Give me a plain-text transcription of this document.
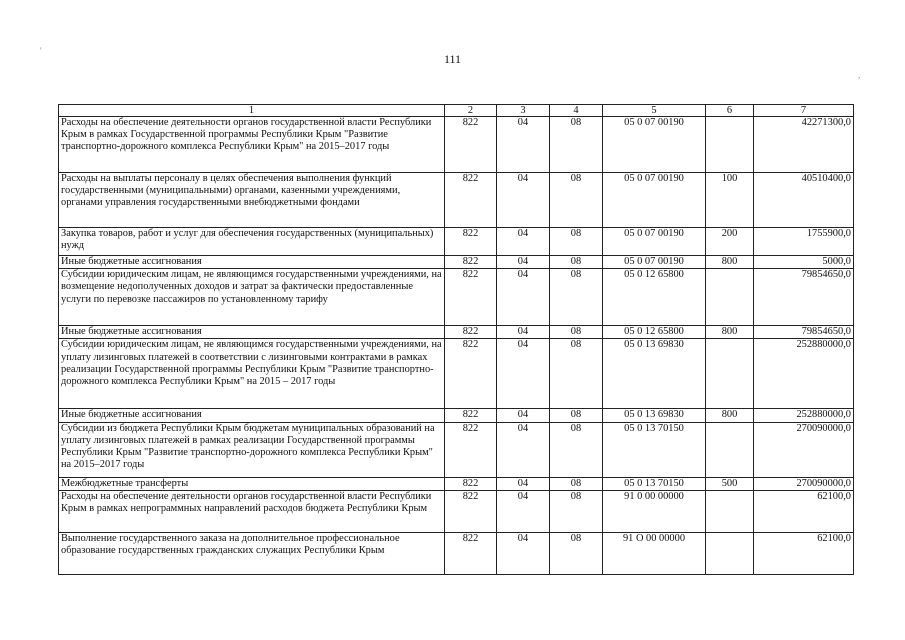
111
'
,
1	2	3	4	5	6	7
Расходы на обеспечение деятельности органов государственной власти Республики Крым в рамках Государственной программы Республики Крым "Развитие транспортно-дорожного комплекса Республики Крым" на 2015–2017 годы	822	04	08	05 0 07 00190		42271300,0
Расходы на выплаты персоналу в целях обеспечения выполнения функций государственными (муниципальными) органами, казенными учреждениями, органами управления государственными внебюджетными фондами	822	04	08	05 0 07 00190	100	40510400,0
Закупка товаров, работ и услуг для обеспечения государственных (муниципальных) нужд	822	04	08	05 0 07 00190	200	1755900,0
Иные бюджетные ассигнования	822	04	08	05 0 07 00190	800	5000,0
Субсидии юридическим лицам, не являющимся государственными учреждениями, на возмещение недополученных доходов и затрат за фактически предоставленные услуги по перевозке пассажиров по установленному тарифу	822	04	08	05 0 12 65800		79854650,0
Иные бюджетные ассигнования	822	04	08	05 0 12 65800	800	79854650,0
Субсидии юридическим лицам, не являющимся государственными учреждениями, на уплату лизинговых платежей в соответствии с лизинговыми контрактами в рамках реализации Государственной программы Республики Крым "Развитие транспортно-дорожного комплекса Республики Крым" на 2015 – 2017 годы	822	04	08	05 0 13 69830		252880000,0
Иные бюджетные ассигнования	822	04	08	05 0 13 69830	800	252880000,0
Субсидии из бюджета Республики Крым бюджетам муниципальных образований на уплату лизинговых платежей в рамках реализации Государственной программы Республики Крым "Развитие транспортно-дорожного комплекса Республики Крым" на 2015–2017 годы	822	04	08	05 0 13 70150		270090000,0
Межбюджетные трансферты	822	04	08	05 0 13 70150	500	270090000,0
Расходы на обеспечение деятельности органов государственной власти Республики Крым в рамках непрограммных направлений расходов бюджета Республики Крым	822	04	08	91 0 00 00000		62100,0
Выполнение государственного заказа на дополнительное профессиональное образование государственных гражданских служащих Республики Крым	822	04	08	91 О 00 00000		62100,0
